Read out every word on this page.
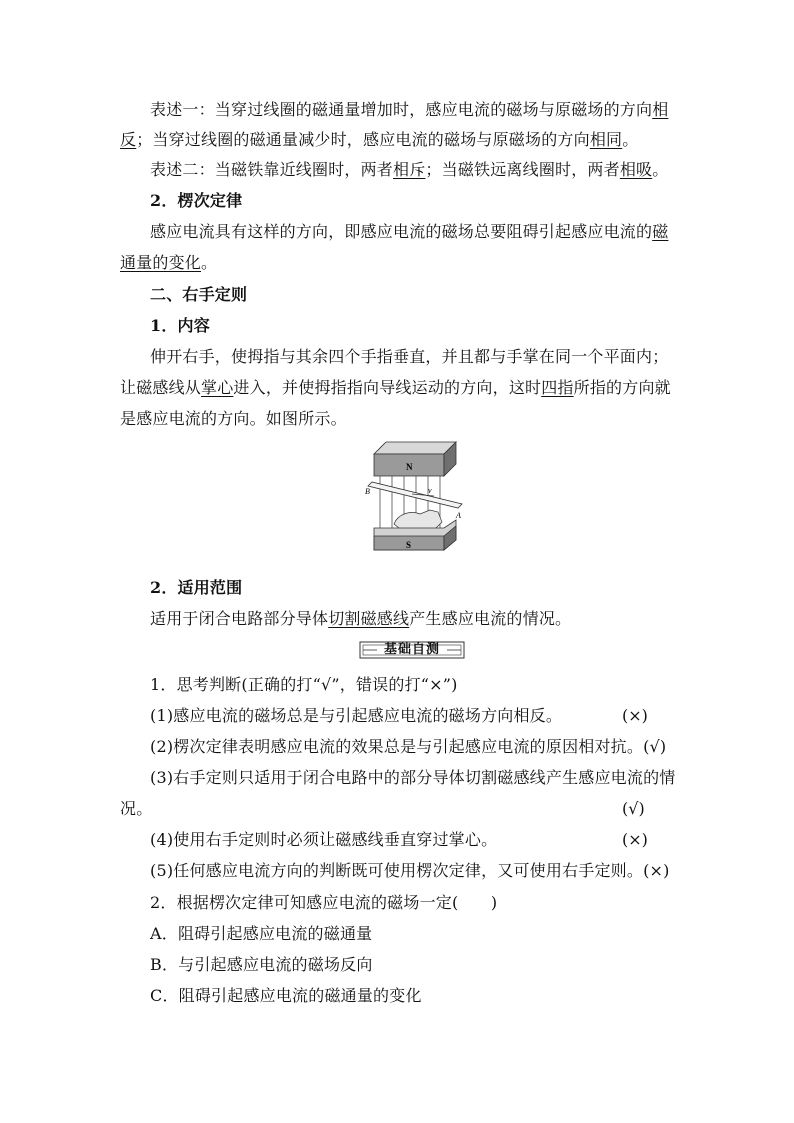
表述一：当穿过线圈的磁通量增加时，感应电流的磁场与原磁场的方向相
反；当穿过线圈的磁通量减少时，感应电流的磁场与原磁场的方向相同。
表述二：当磁铁靠近线圈时，两者相斥；当磁铁远离线圈时，两者相吸。
2．楞次定律
感应电流具有这样的方向，即感应电流的磁场总要阻碍引起感应电流的磁
通量的变化。
二、右手定则
1．内容
伸开右手，使拇指与其余四个手指垂直，并且都与手掌在同一个平面内；
让磁感线从掌心进入，并使拇指指向导线运动的方向，这时四指所指的方向就
是感应电流的方向。如图所示。
N
S
B
A
v
2．适用范围
适用于闭合电路部分导体切割磁感线产生感应电流的情况。
基础自测
1．思考判断(正确的打“√”，错误的打“×”)
(1)感应电流的磁场总是与引起感应电流的磁场方向相反。	(×)
(2)楞次定律表明感应电流的效果总是与引起感应电流的原因相对抗。(√)
(3)右手定则只适用于闭合电路中的部分导体切割磁感线产生感应电流的情
况。	(√)
(4)使用右手定则时必须让磁感线垂直穿过掌心。	(×)
(5)任何感应电流方向的判断既可使用楞次定律，又可使用右手定则。(×)
2．根据楞次定律可知感应电流的磁场一定(　　)
A．阻碍引起感应电流的磁通量
B．与引起感应电流的磁场反向
C．阻碍引起感应电流的磁通量的变化
